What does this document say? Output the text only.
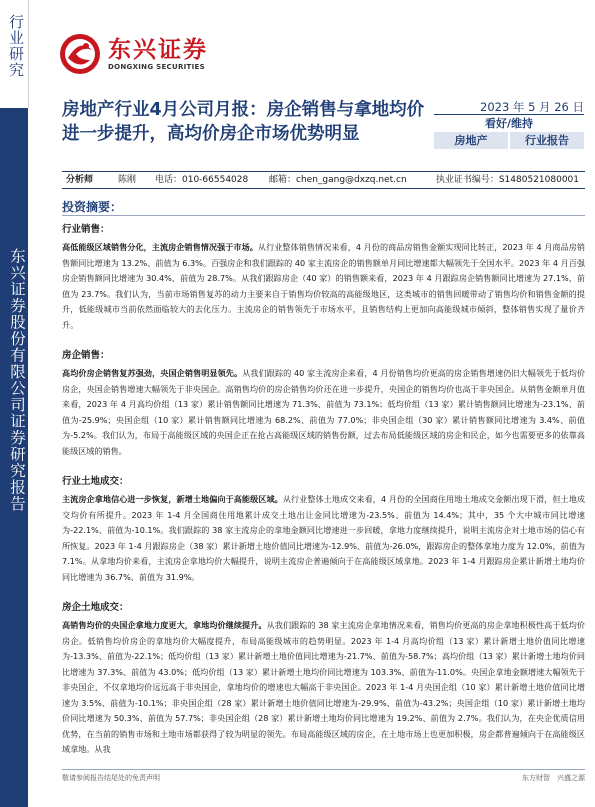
行业研究
东兴证券股份有限公司证券研究报告
东兴证券
DONGXING SECURITIES
房地产行业4月公司月报：房企销售与拿地均价进一步提升，高均价房企市场优势明显
2023 年 5 月 26 日
看好/维持
房地产	行业报告
分析师	陈刚 电话：010-66554028 邮箱：chen_gang@dxzq.net.cn	执业证书编号：S1480521080001
投资摘要：
行业销售：

高低能级区域销售分化，主流房企销售情况强于市场。从行业整体销售情况来看，4 月份的商品房销售金额实现同比转正，2023 年 4 月商品房销售额同比增速为 13.2%、前值为 6.3%。百强房企和我们跟踪的 40 家主流房企的销售额单月同比增速都大幅领先于全国水平。2023 年 4 月百强房企销售额同比增速为 30.4%、前值为 28.7%。从我们跟踪房企（40 家）的销售额来看，2023 年 4 月跟踪房企销售额同比增速为 27.1%、前值为 23.7%。我们认为，当前市场销售复苏的动力主要来自于销售均价较高的高能级地区，这类城市的销售回暖带动了销售均价和销售金额的提升，低能级城市当前依然面临较大的去化压力。主流房企的销售领先于市场水平，且销售结构上更加向高能级城市倾斜，整体销售实现了量价齐升。

房企销售：

高均价房企销售复苏强劲，央国企销售明显领先。从我们跟踪的 40 家主流房企来看，4 月份销售均价更高的房企销售增速仍旧大幅领先于低均价房企，央国企销售增速大幅领先于非央国企。高销售均价的房企销售均价还在进一步提升，央国企的销售均价也高于非央国企。从销售金额单月值来看，2023 年 4 月高均价组（13 家）累计销售额同比增速为 71.3%、前值为 73.1%；低均价组（13 家）累计销售额同比增速为-23.1%、前值为-25.9%；央国企组（10 家）累计销售额同比增速为 68.2%、前值为 77.0%；非央国企组（30 家）累计销售额同比增速为 3.4%、前值为-5.2%。我们认为，布局于高能级区域的央国企正在抢占高能级区域的销售份额，过去布局低能级区域的房企和民企，如今也需要更多的依靠高能级区域的销售。

行业土地成交：

主流房企拿地信心进一步恢复，新增土地偏向于高能级区域。从行业整体土地成交来看，4 月份的全国商住用地土地成交金额出现下滑，但土地成交均价有所提升。2023 年 1-4 月全国商住用地累计成交土地出让金同比增速为-23.5%、前值为 14.4%；其中，35 个大中城市同比增速为-22.1%、前值为-10.1%。我们跟踪的 38 家主流房企的拿地金额同比增速进一步回暖，拿地力度继续提升，说明主流房企对土地市场的信心有所恢复。2023 年 1-4 月跟踪房企（38 家）累计新增土地价值同比增速为-12.9%、前值为-26.0%，跟踪房企的整体拿地力度为 12.0%，前值为 7.1%。从拿地均价来看，主流房企拿地均价大幅提升，说明主流房企普遍倾向于在高能级区域拿地。2023 年 1-4 月跟踪房企累计新增土地均价同比增速为 36.7%、前值为 31.9%。

房企土地成交：

高销售均价的央国企拿地力度更大，拿地均价继续提升。从我们跟踪的 38 家主流房企拿地情况来看，销售均价更高的房企拿地积极性高于低均价房企。低销售均价房企的拿地均价大幅度提升，布局高能级城市的趋势明显。2023 年 1-4 月高均价组（13 家）累计新增土地价值同比增速为-13.3%、前值为-22.1%；低均价组（13 家）累计新增土地价值同比增速为-21.7%、前值为-58.7%；高均价组（13 家）累计新增土地均价同比增速为 37.3%、前值为 43.0%；低均价组（13 家）累计新增土地均价同比增速为 103.3%、前值为-11.0%。央国企拿地金额增速大幅领先于非央国企，不仅拿地均价远远高于非央国企，拿地均价的增速也大幅高于非央国企。2023 年 1-4 月央国企组（10 家）累计新增土地价值同比增速为 3.5%、前值为-10.1%；非央国企组（28 家）累计新增土地价值同比增速为-29.9%、前值为-43.2%；央国企组（10 家）累计新增土地均价同比增速为 50.3%、前值为 57.7%；非央国企组（28 家）累计新增土地均价同比增速为 19.2%、前值为 2.7%。我们认为，在央企优质信用优势，在当前的销售市场和土地市场都获得了较为明显的领先。布局高能级区域的房企，在土地市场上也更加积极，房企都普遍倾向于在高能级区域拿地。从我

敬请参阅报告结尾处的免责声明	东方财智　兴盛之源
